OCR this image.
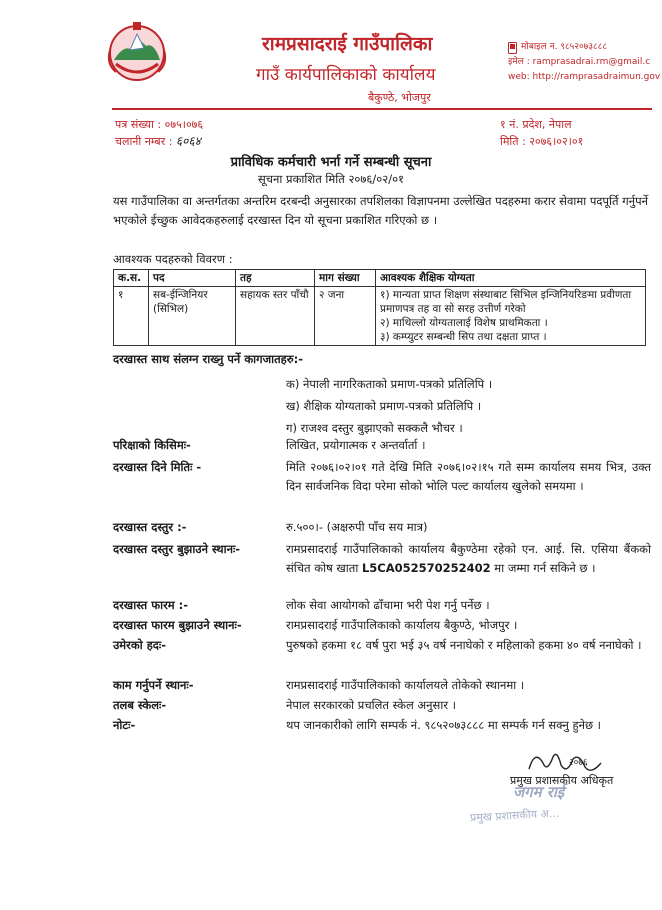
रामप्रसादराई गाउँपालिका
गाउँ कार्यपालिकाको कार्यालय
बैकुण्ठे, भोजपुर
मोबाइल न. ९८५२०७३८८८
इमेल : ramprasadrai.rm@gmail.c
web: http://ramprasadraimun.gov
पत्र संख्या : ०७५।०७६
चलानी नम्बर : ६०६४
१ नं. प्रदेश, नेपाल
मिति : २०७६।०२।०१
प्राविधिक कर्मचारी भर्ना गर्ने सम्बन्धी सूचना
सूचना प्रकाशित मिति २०७६/०२/०१
यस गाउँपालिका वा अन्तर्गतका अन्तरिम दरबन्दी अनुसारका तपशिलका विज्ञापनमा उल्लेखित पदहरुमा करार सेवामा पदपूर्ति गर्नुपर्ने भएकोले ईच्छुक आवेदकहरुलाई दरखास्त दिन यो सूचना प्रकाशित गरिएको छ ।
आवश्यक पदहरुको विवरण :
क.स.	पद	तह	माग संख्या	आवश्यक शैक्षिक योग्यता
१	सब-ईन्जिनियर (सिभिल)	सहायक स्तर पाँचौ	२ जना	१) मान्यता प्राप्त शिक्षण संस्थाबाट सिभिल इन्जिनियरिङमा प्रवीणता प्रमाणपत्र तह वा सो सरह उत्तीर्ण गरेको
२) माथिल्लो योग्यतालाई विशेष प्राथमिकता ।
३) कम्प्युटर सम्बन्धी सिप तथा दक्षता प्राप्त ।
दरखास्त साथ संलग्न राख्नु पर्ने कागजातहरु:-
क) नेपाली नागरिकताको प्रमाण-पत्रको प्रतिलिपि ।
ख) शैक्षिक योग्यताको प्रमाण-पत्रको प्रतिलिपि ।
ग) राजश्व दस्तुर बुझाएको सक्कलै भौचर ।
परिक्षाको किसिमः-	लिखित, प्रयोगात्मक र अन्तर्वार्ता ।
दरखास्त दिने मितिः -	मिति २०७६।०२।०१ गते देखि मिति २०७६।०२।१५ गते सम्म कार्यालय समय भित्र, उक्त दिन सार्वजनिक विदा परेमा सोको भोलि पल्ट कार्यालय खुलेको समयमा ।
दरखास्त दस्तुर :-	रु.५००।- (अक्षरुपी पाँच सय मात्र)
दरखास्त दस्तुर बुझाउने स्थानः-	रामप्रसादराई गाउँपालिकाको कार्यालय बैकुण्ठेमा रहेको एन. आई. सि. एसिया बैंकको संचित कोष खाता L5CA052570252402 मा जम्मा गर्न सकिने छ ।
दरखास्त फारम :-	लोक सेवा आयोगको ढाँचामा भरी पेश गर्नु पर्नेछ ।
दरखास्त फारम बुझाउने स्थानः-	रामप्रसादराई गाउँपालिकाको कार्यालय बैकुण्ठे, भोजपुर ।
उमेरको हदः-	पुरुषको हकमा १८ वर्ष पुरा भई ३५ वर्ष ननाघेको र महिलाको हकमा ४० वर्ष ननाघेको ।
काम गर्नुपर्ने स्थानः-	रामप्रसादराई गाउँपालिकाको कार्यालयले तोकेको स्थानमा ।
तलब स्केलः-	नेपाल सरकारको प्रचलित स्केल अनुसार ।
नोटः-	थप जानकारीको लागि सम्पर्क नं. ९८५२०७३८८८ मा सम्पर्क गर्न सक्नु हुनेछ ।
२०७६
प्रमुख प्रशासकीय अधिकृत
जगम राई
प्रमुख प्रशासकीय अ...
